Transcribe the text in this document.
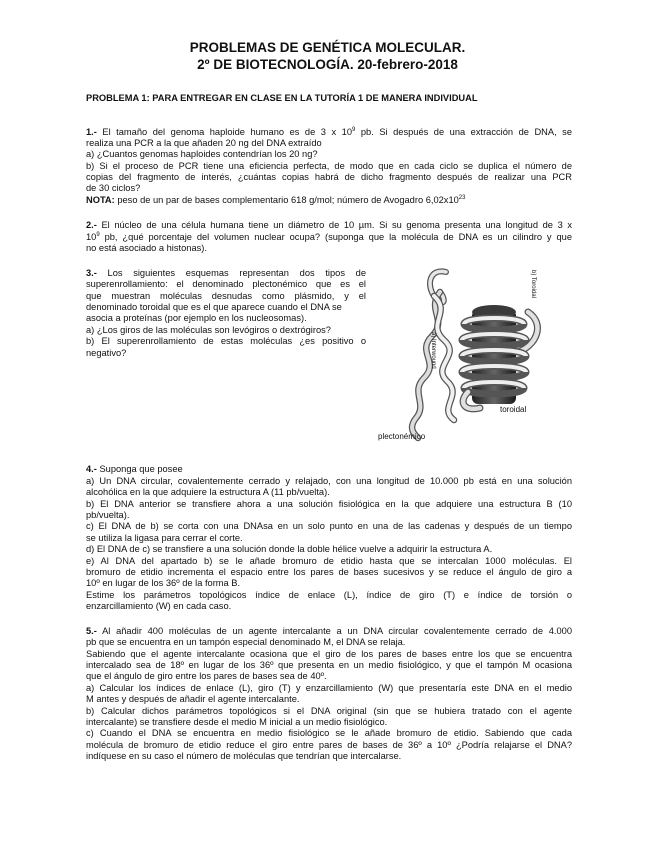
PROBLEMAS DE GENÉTICA MOLECULAR.
2º DE BIOTECNOLOGÍA. 20-febrero-2018
PROBLEMA 1: PARA ENTREGAR EN CLASE EN LA TUTORÍA 1 DE MANERA INDIVIDUAL
1.- El tamaño del genoma haploide humano es de 3 x $10^9$ pb. Si después de una extracción de DNA, se
realiza una PCR a la que añaden 20 ng del DNA extraído
a) ¿Cuantos genomas haploides contendrían los 20 ng?
b) Si el proceso de PCR tiene una eficiencia perfecta, de modo que en cada ciclo se duplica el número de
copias del fragmento de interés, ¿cuántas copias habrá de dicho fragmento después de realizar una PCR
de 30 ciclos?
NOTA: peso de un par de bases complementario 618 g/mol; número de Avogadro $6,02x10^{23}$
2.- El núcleo de una célula humana tiene un diámetro de 10 µm. Si su genoma presenta una longitud de 3 x
$10^9$ pb, ¿qué porcentaje del volumen nuclear ocupa? (suponga que la molécula de DNA es un cilindro y que
no está asociado a histonas).
3.- Los siguientes esquemas representan dos tipos de
superenrollamiento: el denominado plectonémico que es el
que muestran moléculas desnudas como plásmido, y el
denominado toroidal que es el que aparece cuando el DNA se
asocia a proteínas (por ejemplo en los nucleosomas).
a) ¿Los giros de las moléculas son levógiros o dextrógiros?
b) El superenrollamiento de estas moléculas ¿es positivo o
negativo?
toroidal
plectonémico
b) Toroidal
a) Interwound
4.- Suponga que posee
a) Un DNA circular, covalentemente cerrado y relajado, con una longitud de 10.000 pb está en una solución
alcohólica en la que adquiere la estructura A (11 pb/vuelta).
b) El DNA anterior se transfiere ahora a una solución fisiológica en la que adquiere una estructura B (10
pb/vuelta).
c) El DNA de b) se corta con una DNAsa en un solo punto en una de las cadenas y después de un tiempo
se utiliza la ligasa para cerrar el corte.
d) El DNA de c) se transfiere a una solución donde la doble hélice vuelve a adquirir la estructura A.
e) Al DNA del apartado b) se le añade bromuro de etidio hasta que se intercalan 1000 moléculas. El
bromuro de etidio incrementa el espacio entre los pares de bases sucesivos y se reduce el ángulo de giro a
10º en lugar de los 36º de la forma B.
Estime los parámetros topológicos índice de enlace (L), índice de giro (T) e índice de torsión o
enzarcillamiento (W) en cada caso.
5.- Al añadir 400 moléculas de un agente intercalante a un DNA circular covalentemente cerrado de 4.000
pb que se encuentra en un tampón especial denominado M, el DNA se relaja.
Sabiendo que el agente intercalante ocasiona que el giro de los pares de bases entre los que se encuentra
intercalado sea de 18º en lugar de los 36º que presenta en un medio fisiológico, y que el tampón M ocasiona
que el ángulo de giro entre los pares de bases sea de 40º.
a) Calcular los índices de enlace (L), giro (T) y enzarcillamiento (W) que presentaría este DNA en el medio
M antes y después de añadir el agente intercalante.
b) Calcular dichos parámetros topológicos si el DNA original (sin que se hubiera tratado con el agente
intercalante) se transfiere desde el medio M inicial a un medio fisiológico.
c) Cuando el DNA se encuentra en medio fisiológico se le añade bromuro de etidio. Sabiendo que cada
molécula de bromuro de etidio reduce el giro entre pares de bases de 36º a 10º ¿Podría relajarse el DNA?
indíquese en su caso el número de moléculas que tendrían que intercalarse.
